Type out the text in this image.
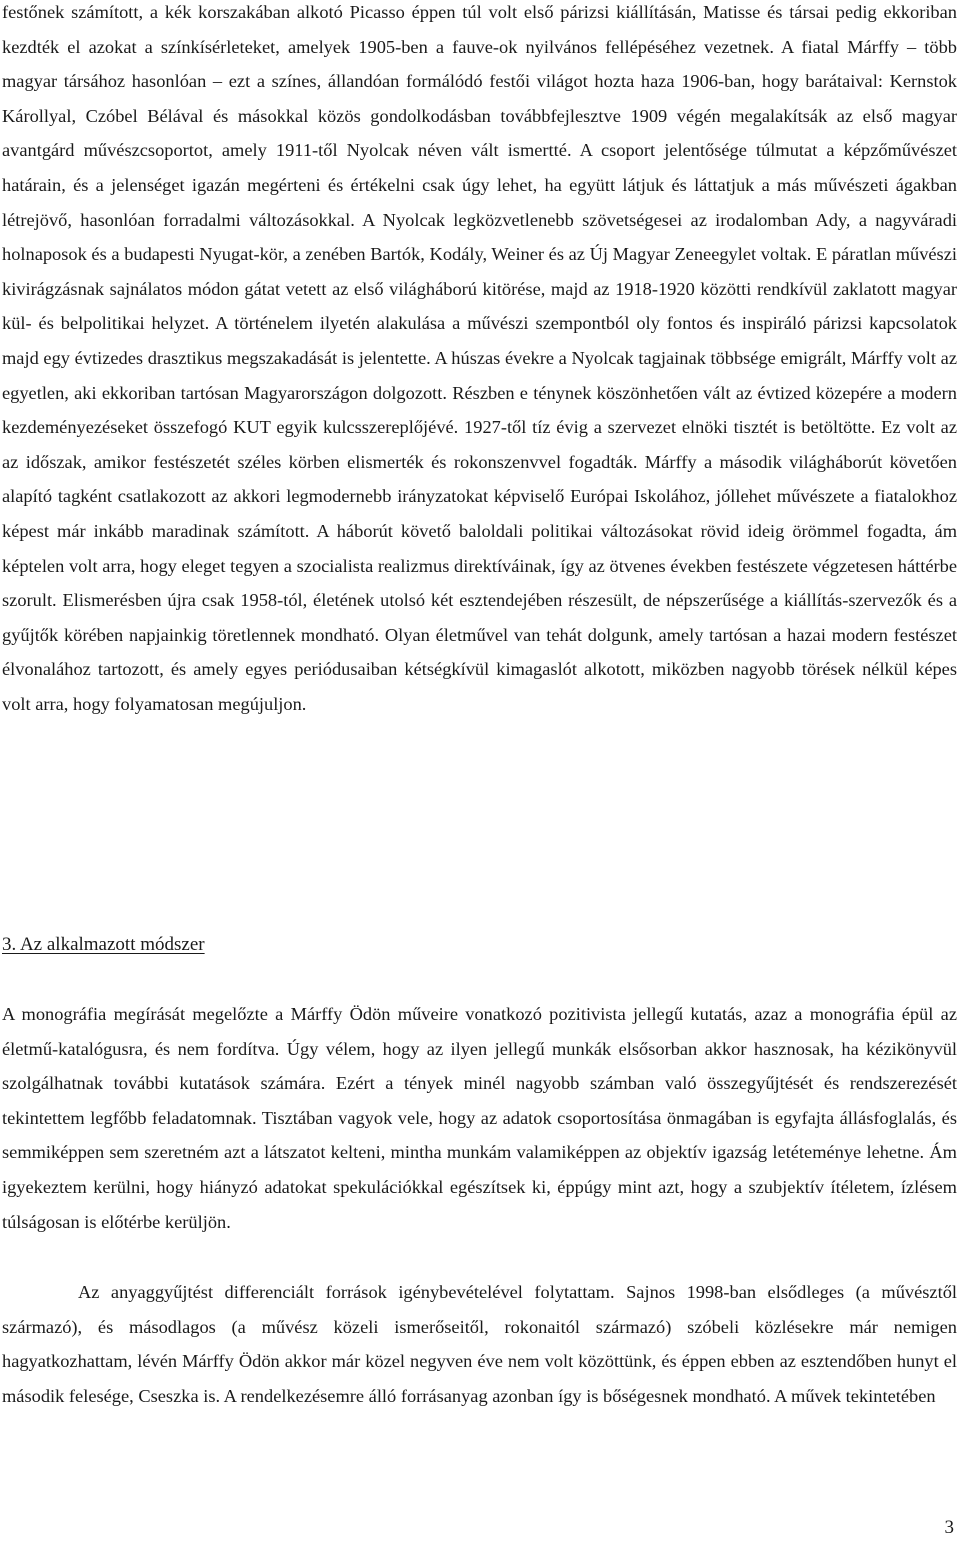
festőnek számított, a kék korszakában alkotó Picasso éppen túl volt első párizsi kiállításán, Matisse és társai pedig ekkoriban kezdték el azokat a színkísérleteket, amelyek 1905-ben a fauve-ok nyilvános fellépéséhez vezetnek. A fiatal Márffy – több magyar társához hasonlóan – ezt a színes, állandóan formálódó festői világot hozta haza 1906-ban, hogy barátaival: Kernstok Károllyal, Czóbel Bélával és másokkal közös gondolkodásban továbbfejlesztve 1909 végén megalakítsák az első magyar avantgárd művészcsoportot, amely 1911-től Nyolcak néven vált ismertté. A csoport jelentősége túlmutat a képzőművészet határain, és a jelenséget igazán megérteni és értékelni csak úgy lehet, ha együtt látjuk és láttatjuk a más művészeti ágakban létrejövő, hasonlóan forradalmi változásokkal. A Nyolcak legközvetlenebb szövetségesei az irodalomban Ady, a nagyváradi holnaposok és a budapesti Nyugat-kör, a zenében Bartók, Kodály, Weiner és az Új Magyar Zeneegylet voltak. E páratlan művészi kivirágzásnak sajnálatos módon gátat vetett az első világháború kitörése, majd az 1918-1920 közötti rendkívül zaklatott magyar kül- és belpolitikai helyzet. A történelem ilyetén alakulása a művészi szempontból oly fontos és inspiráló párizsi kapcsolatok majd egy évtizedes drasztikus megszakadását is jelentette. A húszas évekre a Nyolcak tagjainak többsége emigrált, Márffy volt az egyetlen, aki ekkoriban tartósan Magyarországon dolgozott. Részben e ténynek köszönhetően vált az évtized közepére a modern kezdeményezéseket összefogó KUT egyik kulcsszereplőjévé. 1927-től tíz évig a szervezet elnöki tisztét is betöltötte. Ez volt az az időszak, amikor festészetét széles körben elismerték és rokonszenvvel fogadták. Márffy a második világháborút követően alapító tagként csatlakozott az akkori legmodernebb irányzatokat képviselő Európai Iskolához, jóllehet művészete a fiatalokhoz képest már inkább maradinak számított. A háborút követő baloldali politikai változásokat rövid ideig örömmel fogadta, ám képtelen volt arra, hogy eleget tegyen a szocialista realizmus direktíváinak, így az ötvenes években festészete végzetesen háttérbe szorult. Elismerésben újra csak 1958-tól, életének utolsó két esztendejében részesült, de népszerűsége a kiállítás-szervezők és a gyűjtők körében napjainkig töretlennek mondható. Olyan életművel van tehát dolgunk, amely tartósan a hazai modern festészet élvonalához tartozott, és amely egyes periódusaiban kétségkívül kimagaslót alkotott, miközben nagyobb törések nélkül képes volt arra, hogy folyamatosan megújuljon.

3. Az alkalmazott módszer

A monográfia megírását megelőzte a Márffy Ödön műveire vonatkozó pozitivista jellegű kutatás, azaz a monográfia épül az életmű-katalógusra, és nem fordítva. Úgy vélem, hogy az ilyen jellegű munkák elsősorban akkor hasznosak, ha kézikönyvül szolgálhatnak további kutatások számára. Ezért a tények minél nagyobb számban való összegyűjtését és rendszerezését tekintettem legfőbb feladatomnak. Tisztában vagyok vele, hogy az adatok csoportosítása önmagában is egyfajta állásfoglalás, és semmiképpen sem szeretném azt a látszatot kelteni, mintha munkám valamiképpen az objektív igazság letéteménye lehetne. Ám igyekeztem kerülni, hogy hiányzó adatokat spekulációkkal egészítsek ki, éppúgy mint azt, hogy a szubjektív ítéletem, ízlésem túlságosan is előtérbe kerüljön.

Az anyaggyűjtést differenciált források igénybevételével folytattam. Sajnos 1998-ban elsődleges (a művésztől származó), és másodlagos (a művész közeli ismerőseitől, rokonaitól származó) szóbeli közlésekre már nemigen hagyatkozhattam, lévén Márffy Ödön akkor már közel negyven éve nem volt közöttünk, és éppen ebben az esztendőben hunyt el második felesége, Cseszka is. A rendelkezésemre álló forrásanyag azonban így is bőségesnek mondható. A művek tekintetében

3
